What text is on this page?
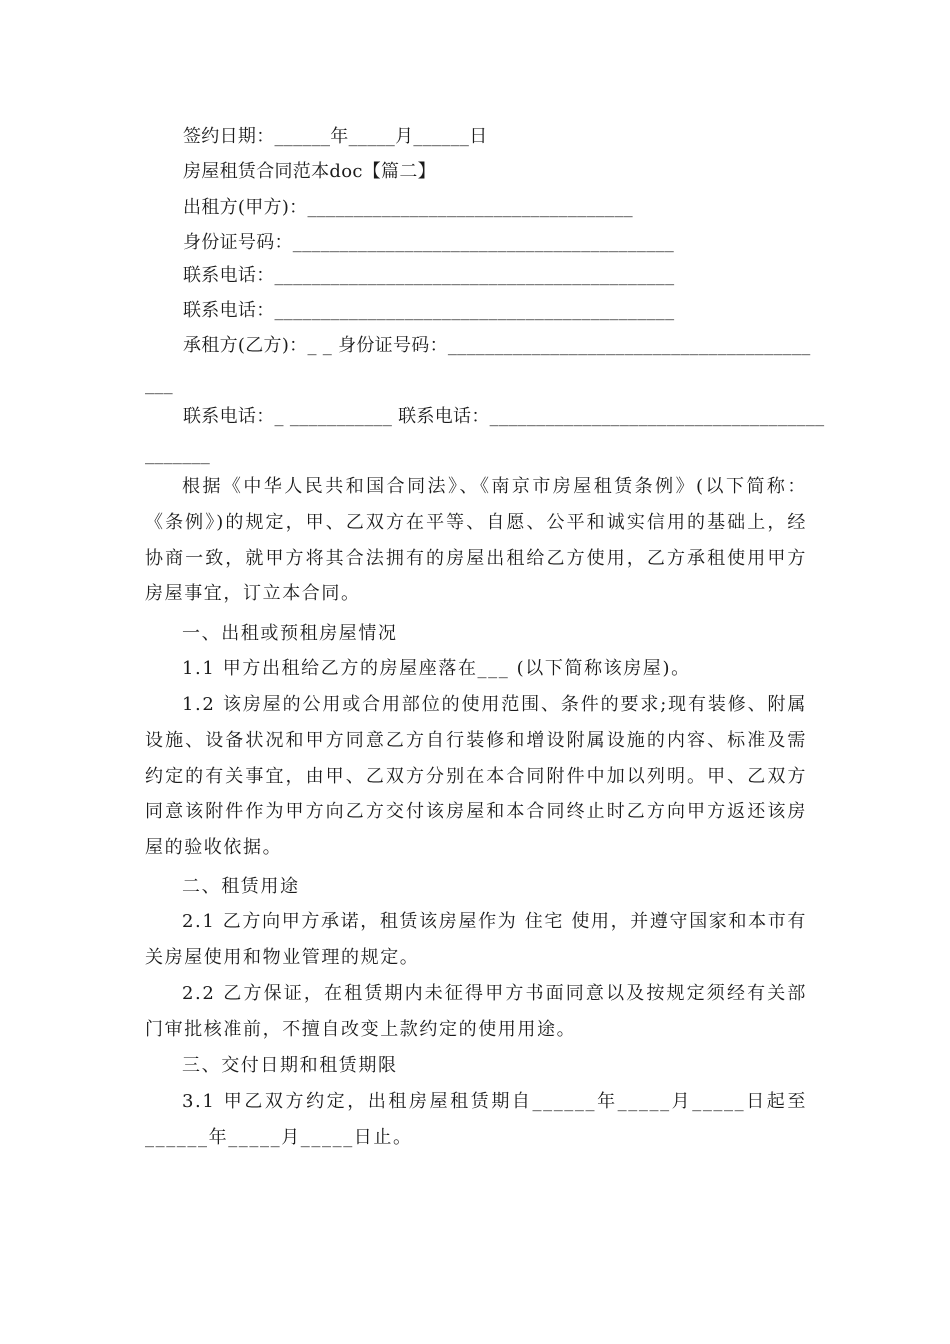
签约日期：______年_____月______日
房屋租赁合同范本doc【篇二】
出租方(甲方)：___________________________________
身份证号码：_________________________________________
联系电话：___________________________________________
联系电话：___________________________________________
承租方(乙方)：_ _ 身份证号码：_______________________________________
___
联系电话：_ ___________ 联系电话：____________________________________
_______
根据《中华人民共和国合同法》、《南京市房屋租赁条例》(以下简称：《条例》)的规定，甲、乙双方在平等、自愿、公平和诚实信用的基础上，经协商一致，就甲方将其合法拥有的房屋出租给乙方使用，乙方承租使用甲方房屋事宜，订立本合同。
一、出租或预租房屋情况
1.1 甲方出租给乙方的房屋座落在___ (以下简称该房屋)。
1.2 该房屋的公用或合用部位的使用范围、条件的要求;现有装修、附属设施、设备状况和甲方同意乙方自行装修和增设附属设施的内容、标准及需约定的有关事宜，由甲、乙双方分别在本合同附件中加以列明。甲、乙双方同意该附件作为甲方向乙方交付该房屋和本合同终止时乙方向甲方返还该房屋的验收依据。
二、租赁用途
2.1 乙方向甲方承诺，租赁该房屋作为 住宅 使用，并遵守国家和本市有关房屋使用和物业管理的规定。
2.2 乙方保证，在租赁期内未征得甲方书面同意以及按规定须经有关部门审批核准前，不擅自改变上款约定的使用用途。
三、交付日期和租赁期限
3.1 甲乙双方约定，出租房屋租赁期自______年_____月_____日起至______年_____月_____日止。
